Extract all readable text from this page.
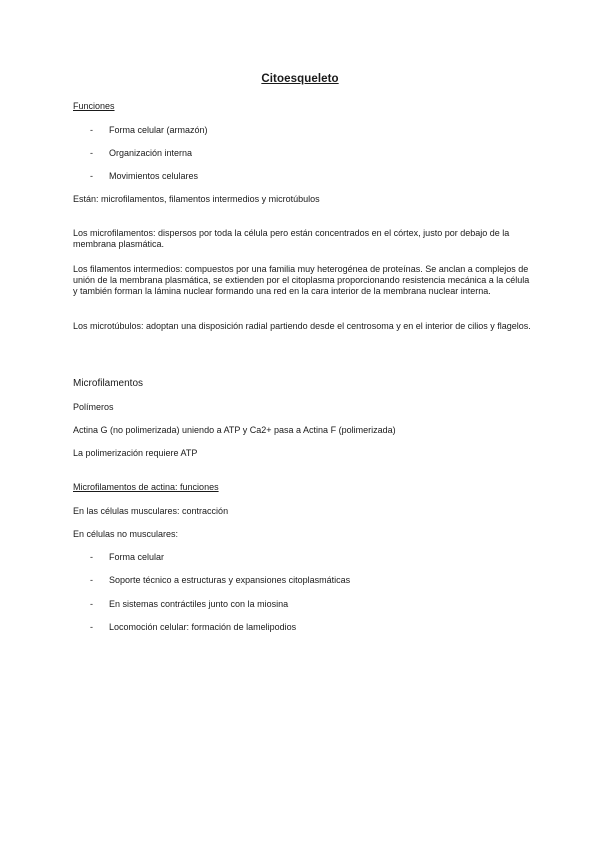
Citoesqueleto
Funciones
- Forma celular (armazón)
- Organización interna
- Movimientos celulares
Están: microfilamentos, filamentos intermedios y microtúbulos
Los microfilamentos: dispersos por toda la célula pero están concentrados en el córtex, justo por debajo de la membrana plasmática.
Los filamentos intermedios: compuestos por una familia muy heterogénea de proteínas. Se anclan a complejos de unión de la membrana plasmática, se extienden por el citoplasma proporcionando resistencia mecánica a la célula y también forman la lámina nuclear formando una red en la cara interior de la membrana nuclear interna.
Los microtúbulos: adoptan una disposición radial partiendo desde el centrosoma y en el interior de cilios y flagelos.
Microfilamentos
Polímeros
Actina G (no polimerizada) uniendo a ATP y Ca2+ pasa a Actina F (polimerizada)
La polimerización requiere ATP
Microfilamentos de actina: funciones
En las células musculares: contracción
En células no musculares:
- Forma celular
- Soporte técnico a estructuras y expansiones citoplasmáticas
- En sistemas contráctiles junto con la miosina
- Locomoción celular: formación de lamelipodios
